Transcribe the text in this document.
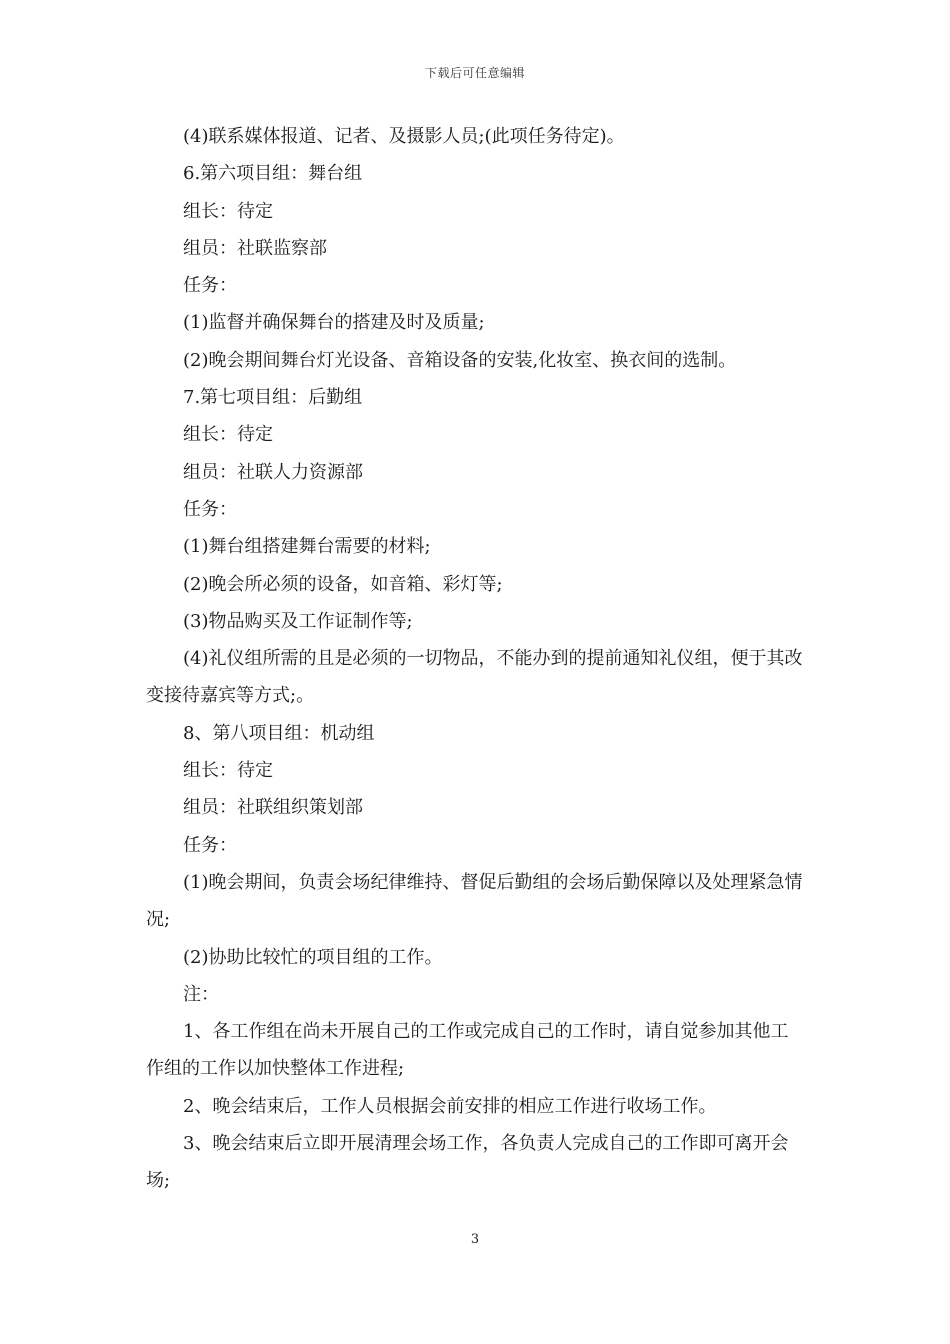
下载后可任意编辑

(4)联系媒体报道、记者、及摄影人员;(此项任务待定)。

6.第六项目组：舞台组

组长：待定

组员：社联监察部

任务：

(1)监督并确保舞台的搭建及时及质量;

(2)晚会期间舞台灯光设备、音箱设备的安装,化妆室、换衣间的选制。

7.第七项目组：后勤组

组长：待定

组员：社联人力资源部

任务：

(1)舞台组搭建舞台需要的材料;

(2)晚会所必须的设备，如音箱、彩灯等;

(3)物品购买及工作证制作等;

(4)礼仪组所需的且是必须的一切物品，不能办到的提前通知礼仪组，便于其改变接待嘉宾等方式;。

8、第八项目组：机动组

组长：待定

组员：社联组织策划部

任务：

(1)晚会期间，负责会场纪律维持、督促后勤组的会场后勤保障以及处理紧急情况;

(2)协助比较忙的项目组的工作。

注：

1、各工作组在尚未开展自己的工作或完成自己的工作时，请自觉参加其他工作组的工作以加快整体工作进程;

2、晚会结束后，工作人员根据会前安排的相应工作进行收场工作。

3、晚会结束后立即开展清理会场工作，各负责人完成自己的工作即可离开会场;

3
